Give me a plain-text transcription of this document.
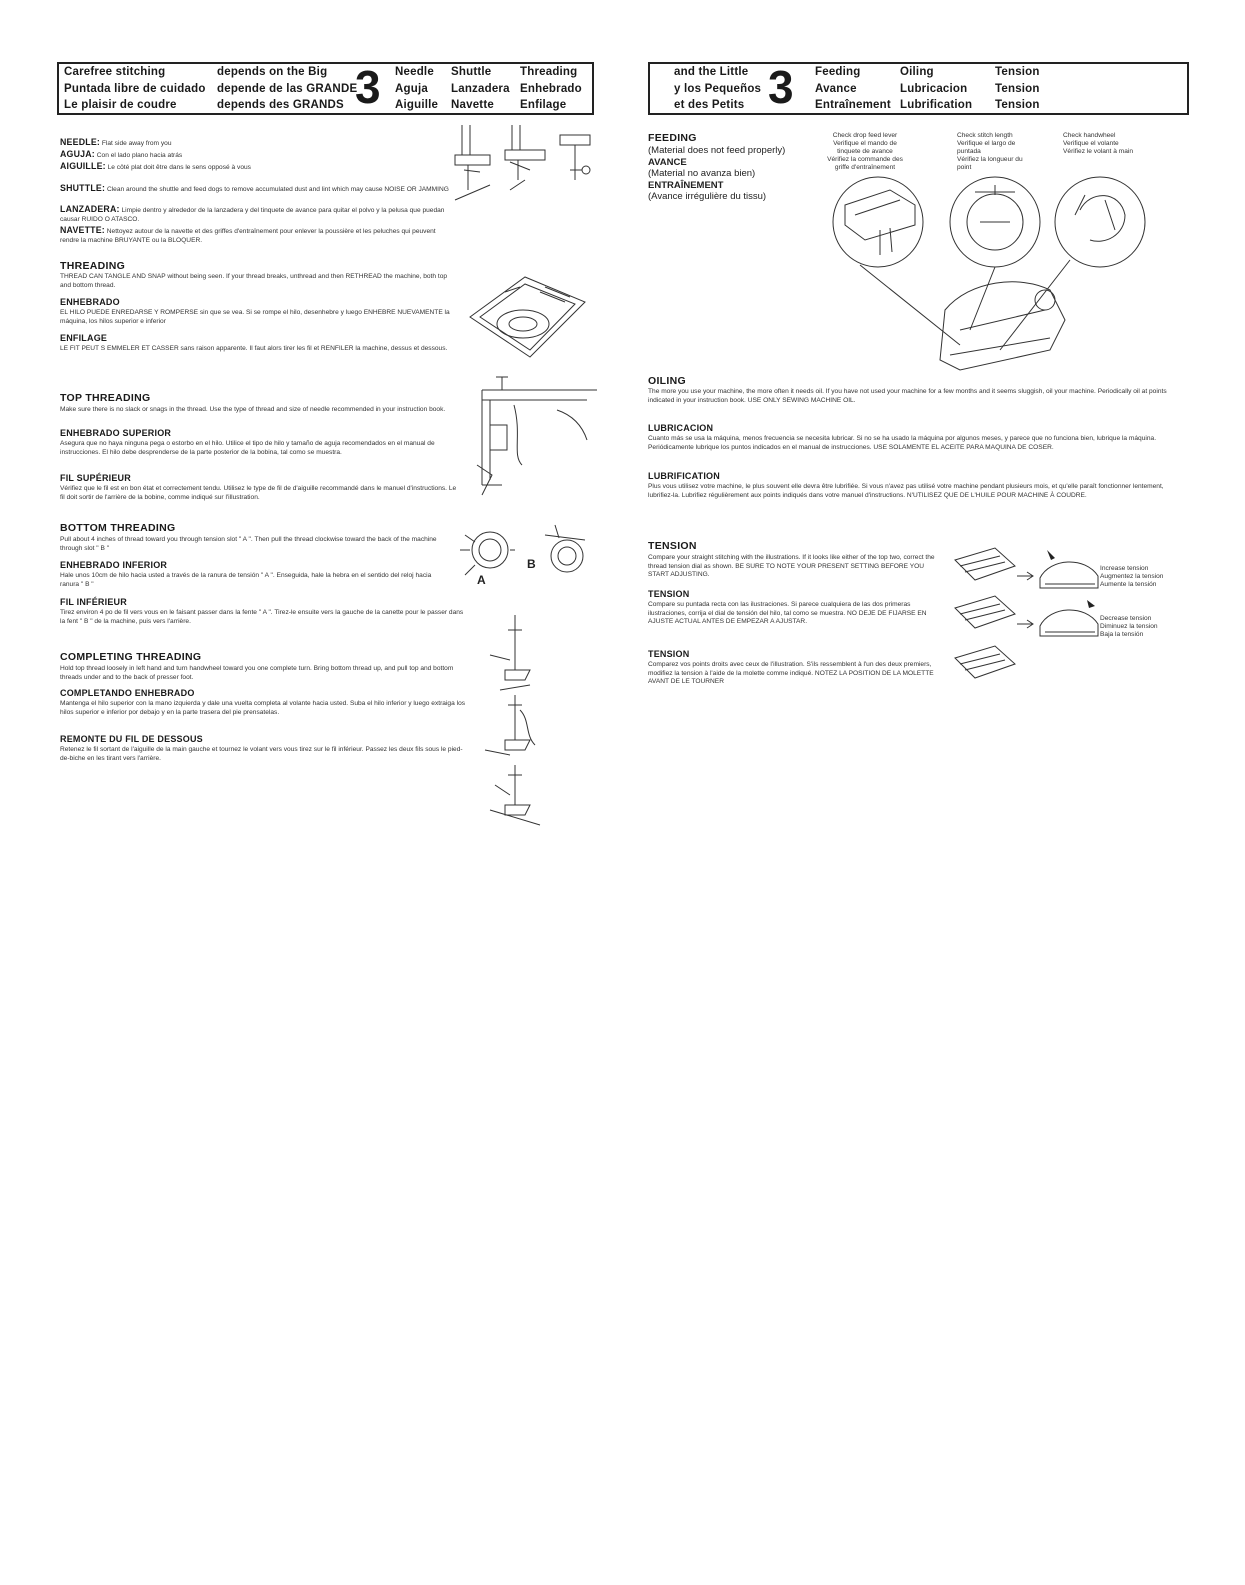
Carefree stitching
Puntada libre de cuidado
Le plaisir de coudre
depends on the Big
depende de las GRANDE
depends des GRANDS 3 Needle
Aguja
Aiguille
Shuttle
Lanzadera
Navette
Threading
Enhebrado
Enfilage
and the Little
y los Pequeños
et des Petits 3 Feeding
Avance
Entraînement
Oiling
Lubricacion
Lubrification
Tension
Tension
Tension
NEEDLE: Flat side away from you
AGUJA: Con el lado plano hacia atrás
AIGUILLE: Le côté plat doit être dans le sens opposé à vous
SHUTTLE: Clean around the shuttle and feed dogs to remove accumulated dust and lint which may cause NOISE OR JAMMING
LANZADERA: Limpie dentro y alrededor de la lanzadera y del tinquete de avance para quitar el polvo y la pelusa que puedan causar RUIDO O ATASCO.
NAVETTE: Nettoyez autour de la navette et des griffes d'entraînement pour enlever la poussière et les peluches qui peuvent rendre la machine BRUYANTE ou la BLOQUER.
THREADING
THREAD CAN TANGLE AND SNAP without being seen. If your thread breaks, unthread and then RETHREAD the machine, both top and bottom thread.
ENHEBRADO
EL HILO PUEDE ENREDARSE Y ROMPERSE sin que se vea. Si se rompe el hilo, desenhebre y luego ENHEBRE NUEVAMENTE la máquina, los hilos superior e inferior
ENFILAGE
LE FIT PEUT S EMMELER ET CASSER sans raison apparente. Il faut alors tirer les fil et RENFILER la machine, dessus et dessous.
TOP THREADING
Make sure there is no slack or snags in the thread. Use the type of thread and size of needle recommended in your instruction book.
ENHEBRADO SUPERIOR
Asegura que no haya ninguna pega o estorbo en el hilo. Utilice el tipo de hilo y tamaño de aguja recomendados en el manual de instrucciones. El hilo debe desprenderse de la parte posterior de la bobina, tal como se muestra.
FIL SUPÉRIEUR
Vérifiez que le fil est en bon état et correctement tendu. Utilisez le type de fil de d'aiguille recommandé dans le manuel d'instructions. Le fil doit sortir de l'arrière de la bobine, comme indiqué sur l'illustration.
BOTTOM THREADING
Pull about 4 inches of thread toward you through tension slot " A ". Then pull the thread clockwise toward the back of the machine through slot " B "
ENHEBRADO INFERIOR
Hale unos 10cm de hilo hacia usted a través de la ranura de tensión " A ". Enseguida, hale la hebra en el sentido del reloj hacia ranura " B "
FIL INFÉRIEUR
Tirez environ 4 po de fil vers vous en le faisant passer dans la fente " A ". Tirez-le ensuite vers la gauche de la canette pour le passer dans la fent " B " de la machine, puis vers l'arrière.
COMPLETING THREADING
Hold top thread loosely in left hand and turn handwheel toward you one complete turn. Bring bottom thread up, and pull top and bottom threads under and to the back of presser foot.
COMPLETANDO ENHEBRADO
Mantenga el hilo superior con la mano izquierda y dale una vuelta completa al volante hacia usted. Suba el hilo inferior y luego extraiga los hilos superior e inferior por debajo y en la parte trasera del pie prensatelas.
REMONTE DU FIL DE DESSOUS
Retenez le fil sortant de l'aiguille de la main gauche et tournez le volant vers vous tirez sur le fil inférieur. Passez les deux fils sous le pied-de-biche en les tirant vers l'arrière.
A
B
FEEDING
(Material does not feed properly)
AVANCE
(Material no avanza bien)
ENTRAÎNEMENT
(Avance irrégulière du tissu)
Check drop feed lever
Verifique el mando de
tinquete de avance
Vérifiez la commande des
griffe d'entraînement
Check stitch length
Verifique el largo de
puntada
Vérifiez la longueur du
point
Check handwheel
Verifique el volante
Vérifiez le volant à main
OILING
The more you use your machine, the more often it needs oil. If you have not used your machine for a few months and it seems sluggish, oil your machine. Periodically oil at points indicated in your instruction book. USE ONLY SEWING MACHINE OIL.
LUBRICACION
Cuanto más se usa la máquina, menos frecuencia se necesita lubricar. Si no se ha usado la máquina por algunos meses, y parece que no funciona bien, lubrique la máquina. Periódicamente lubrique los puntos indicados en el manual de instrucciones. USE SOLAMENTE EL ACEITE PARA MAQUINA DE COSER.
LUBRIFICATION
Plus vous utilisez votre machine, le plus souvent elle devra être lubrifiée. Si vous n'avez pas utilisé votre machine pendant plusieurs mois, et qu'elle paraît fonctionner lentement, lubrifiez-la. Lubrifiez régulièrement aux points indiqués dans votre manuel d'instructions. N'UTILISEZ QUE DE L'HUILE POUR MACHINE À COUDRE.
TENSION
Compare your straight stitching with the illustrations. If it looks like either of the top two, correct the thread tension dial as shown. BE SURE TO NOTE YOUR PRESENT SETTING BEFORE YOU START ADJUSTING.
TENSION
Compare su puntada recta con las ilustraciones. Si parece cualquiera de las dos primeras ilustraciones, corrija el dial de tensión del hilo, tal como se muestra. NO DEJE DE FIJARSE EN AJUSTE ACTUAL ANTES DE EMPEZAR A AJUSTAR.
TENSION
Comparez vos points droits avec ceux de l'illustration. S'ils ressemblent à l'un des deux premiers, modifiez la tension à l'aide de la molette comme indiqué. NOTEZ LA POSITION DE LA MOLETTE AVANT DE LE TOURNER
Increase tension
Augmentez la tension
Aumente la tensión
Decrease tension
Diminuez la tension
Baja la tensión
